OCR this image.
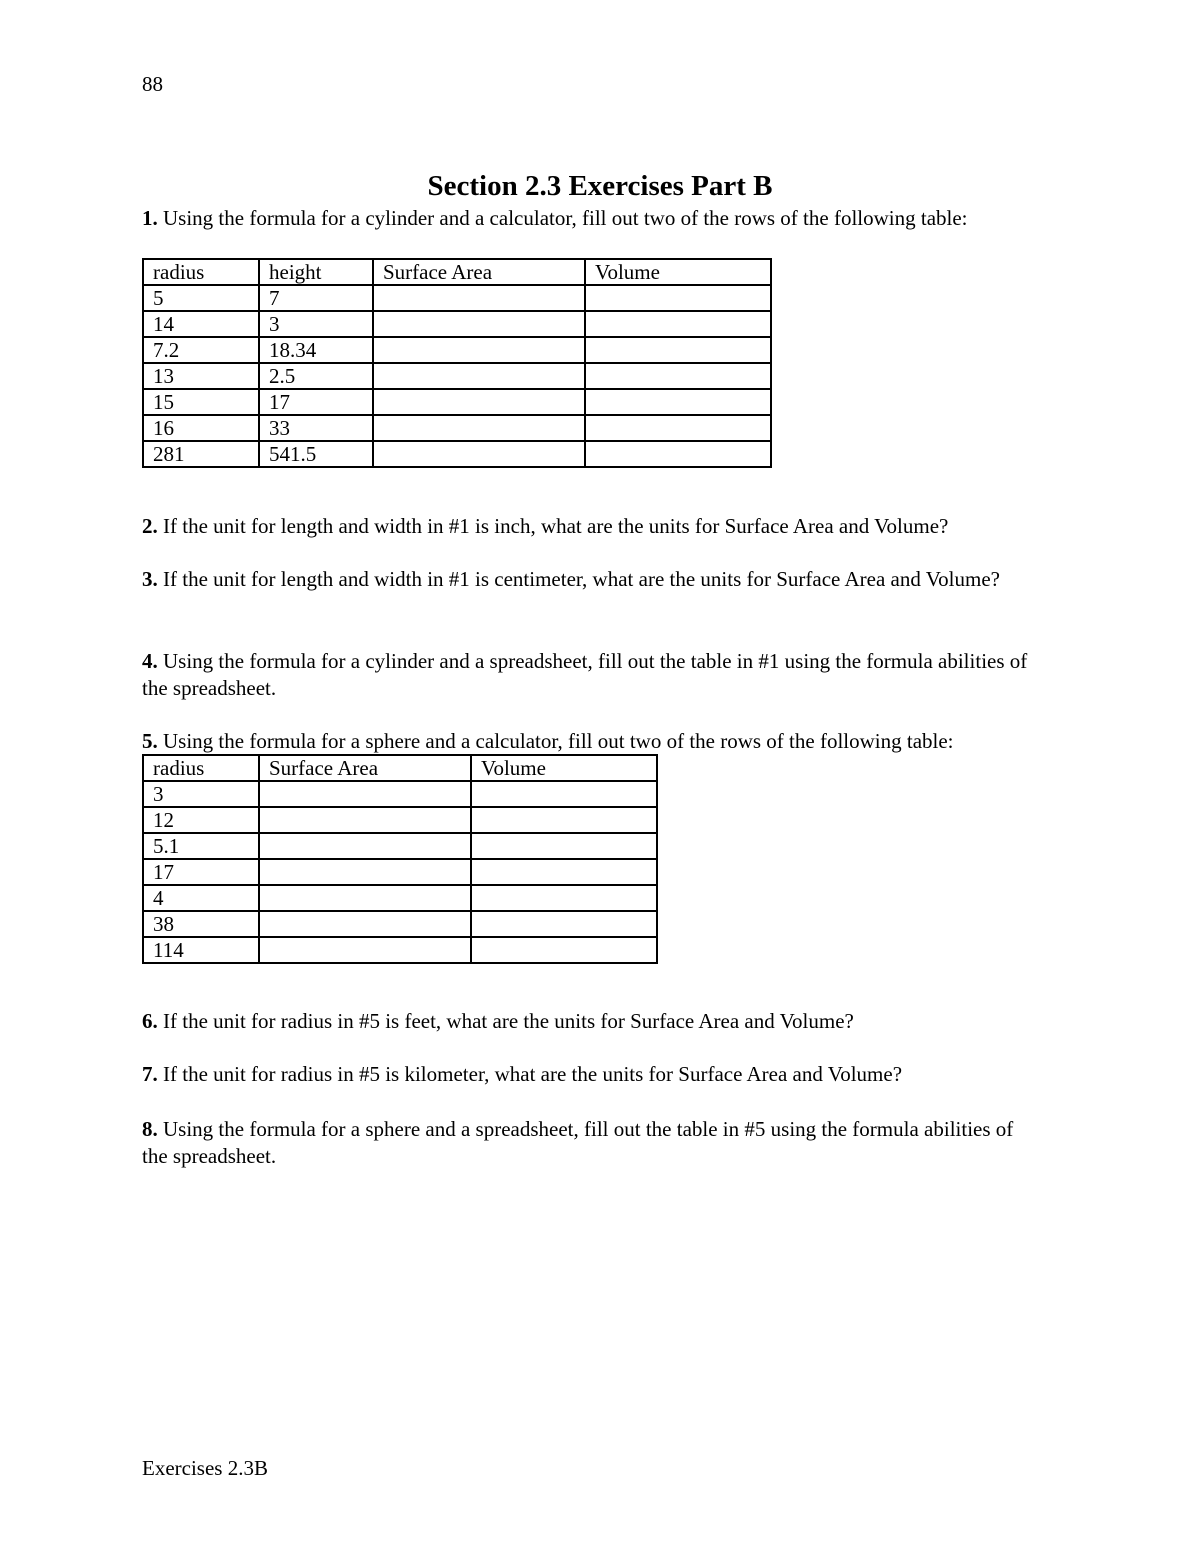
88
Section 2.3 Exercises Part B
1. Using the formula for a cylinder and a calculator, fill out two of the rows of the following table:
radius	height	Surface Area	Volume
5	7		
14	3		
7.2	18.34		
13	2.5		
15	17		
16	33		
281	541.5		
2. If the unit for length and width in #1 is inch, what are the units for Surface Area and Volume?
3. If the unit for length and width in #1 is centimeter, what are the units for Surface Area and Volume?
4. Using the formula for a cylinder and a spreadsheet, fill out the table in #1 using the formula abilities of the spreadsheet.
5. Using the formula for a sphere and a calculator, fill out two of the rows of the following table:
radius	Surface Area	Volume
3		
12		
5.1		
17		
4		
38		
114		
6. If the unit for radius in #5 is feet, what are the units for Surface Area and Volume?
7. If the unit for radius in #5 is kilometer, what are the units for Surface Area and Volume?
8. Using the formula for a sphere and a spreadsheet, fill out the table in #5 using the formula abilities of the spreadsheet.
Exercises 2.3B
